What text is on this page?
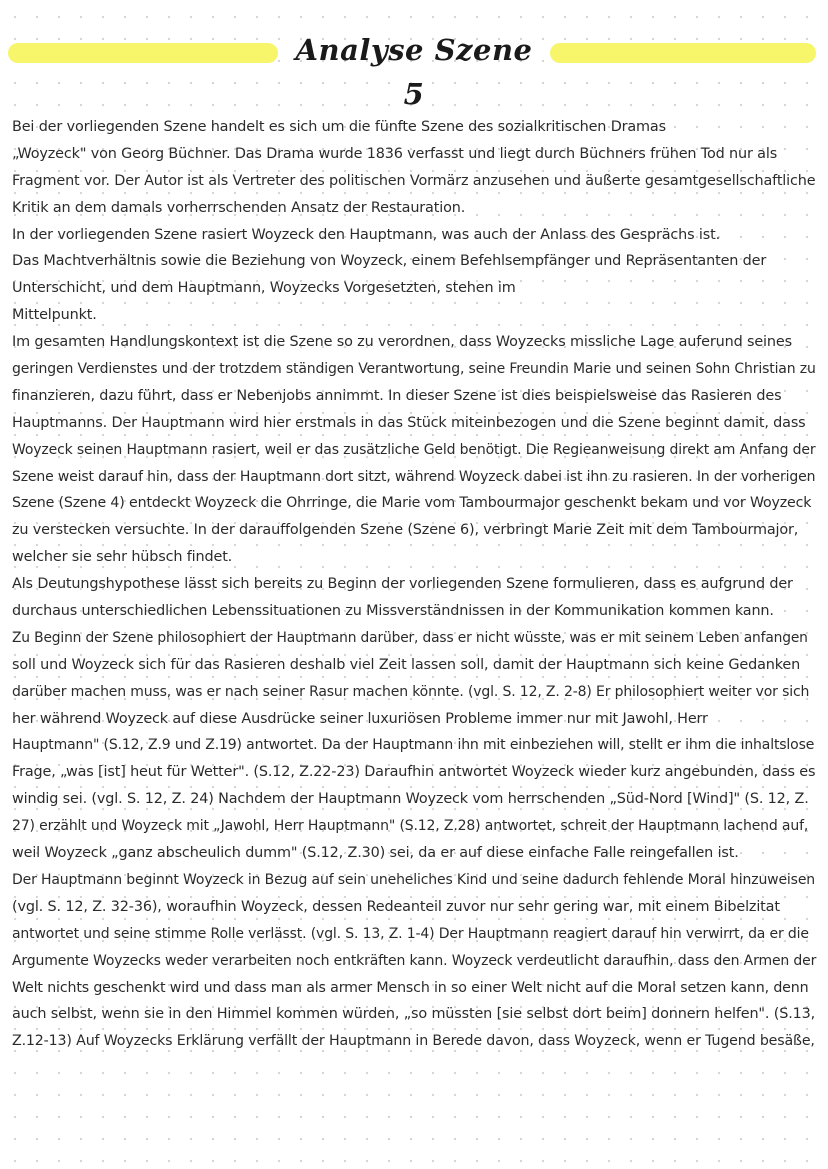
Analyse Szene 5
Bei der vorliegenden Szene handelt es sich um die fünfte Szene des sozialkritischen Dramas
„Woyzeck" von Georg Büchner. Das Drama wurde 1836 verfasst und liegt durch Büchners frühen Tod nur als
Fragment vor. Der Autor ist als Vertreter des politischen Vormärz anzusehen und äußerte gesamtgesellschaftliche
Kritik an dem damals vorherrschenden Ansatz der Restauration.
In der vorliegenden Szene rasiert Woyzeck den Hauptmann, was auch der Anlass des Gesprächs ist.
Das Machtverhältnis sowie die Beziehung von Woyzeck, einem Befehlsempfänger und Repräsentanten der
Unterschicht, und dem Hauptmann, Woyzecks Vorgesetzten, stehen im
Mittelpunkt.
Im gesamten Handlungskontext ist die Szene so zu verordnen, dass Woyzecks missliche Lage auferund seines
geringen Verdienstes und der trotzdem ständigen Verantwortung, seine Freundin Marie und seinen Sohn Christian zu
finanzieren, dazu führt, dass er Nebenjobs annimmt. In dieser Szene ist dies beispielsweise das Rasieren des
Hauptmanns. Der Hauptmann wird hier erstmals in das Stück miteinbezogen und die Szene beginnt damit, dass
Woyzeck seinen Hauptmann rasiert, weil er das zusätzliche Geld benötigt. Die Regieanweisung direkt am Anfang der
Szene weist darauf hin, dass der Hauptmann dort sitzt, während Woyzeck dabei ist ihn zu rasieren. In der vorherigen
Szene (Szene 4) entdeckt Woyzeck die Ohrringe, die Marie vom Tambourmajor geschenkt bekam und vor Woyzeck
zu verstecken versuchte. In der darauffolgenden Szene (Szene 6), verbringt Marie Zeit mit dem Tambourmajor,
welcher sie sehr hübsch findet.
Als Deutungshypothese lässt sich bereits zu Beginn der vorliegenden Szene formulieren, dass es aufgrund der
durchaus unterschiedlichen Lebenssituationen zu Missverständnissen in der Kommunikation kommen kann.
Zu Beginn der Szene philosophiert der Hauptmann darüber, dass er nicht wüsste, was er mit seinem Leben anfangen
soll und Woyzeck sich für das Rasieren deshalb viel Zeit lassen soll, damit der Hauptmann sich keine Gedanken
darüber machen muss, was er nach seiner Rasur machen könnte. (vgl. S. 12, Z. 2-8) Er philosophiert weiter vor sich
her während Woyzeck auf diese Ausdrücke seiner luxuriösen Probleme immer nur mit Jawohl, Herr
Hauptmann" (S.12, Z.9 und Z.19) antwortet. Da der Hauptmann ihn mit einbeziehen will, stellt er ihm die inhaltslose
Frage, „was [ist] heut für Wetter". (S.12, Z.22-23) Daraufhin antwortet Woyzeck wieder kurz angebunden, dass es
windig sei. (vgl. S. 12, Z. 24) Nachdem der Hauptmann Woyzeck vom herrschenden „Süd-Nord [Wind]" (S. 12, Z.
27) erzählt und Woyzeck mit „Jawohl, Herr Hauptmann" (S.12, Z.28) antwortet, schreit der Hauptmann lachend auf,
weil Woyzeck „ganz abscheulich dumm" (S.12, Z.30) sei, da er auf diese einfache Falle reingefallen ist.
Der Hauptmann beginnt Woyzeck in Bezug auf sein uneheliches Kind und seine dadurch fehlende Moral hinzuweisen
(vgl. S. 12, Z. 32-36), woraufhin Woyzeck, dessen Redeanteil zuvor nur sehr gering war, mit einem Bibelzitat
antwortet und seine stimme Rolle verlässt. (vgl. S. 13, Z. 1-4) Der Hauptmann reagiert darauf hin verwirrt, da er die
Argumente Woyzecks weder verarbeiten noch entkräften kann. Woyzeck verdeutlicht daraufhin, dass den Armen der
Welt nichts geschenkt wird und dass man als armer Mensch in so einer Welt nicht auf die Moral setzen kann, denn
auch selbst, wenn sie in den Himmel kommen würden, „so müssten [sie selbst dort beim] donnern helfen". (S.13,
Z.12-13) Auf Woyzecks Erklärung verfällt der Hauptmann in Berede davon, dass Woyzeck, wenn er Tugend besäße,
